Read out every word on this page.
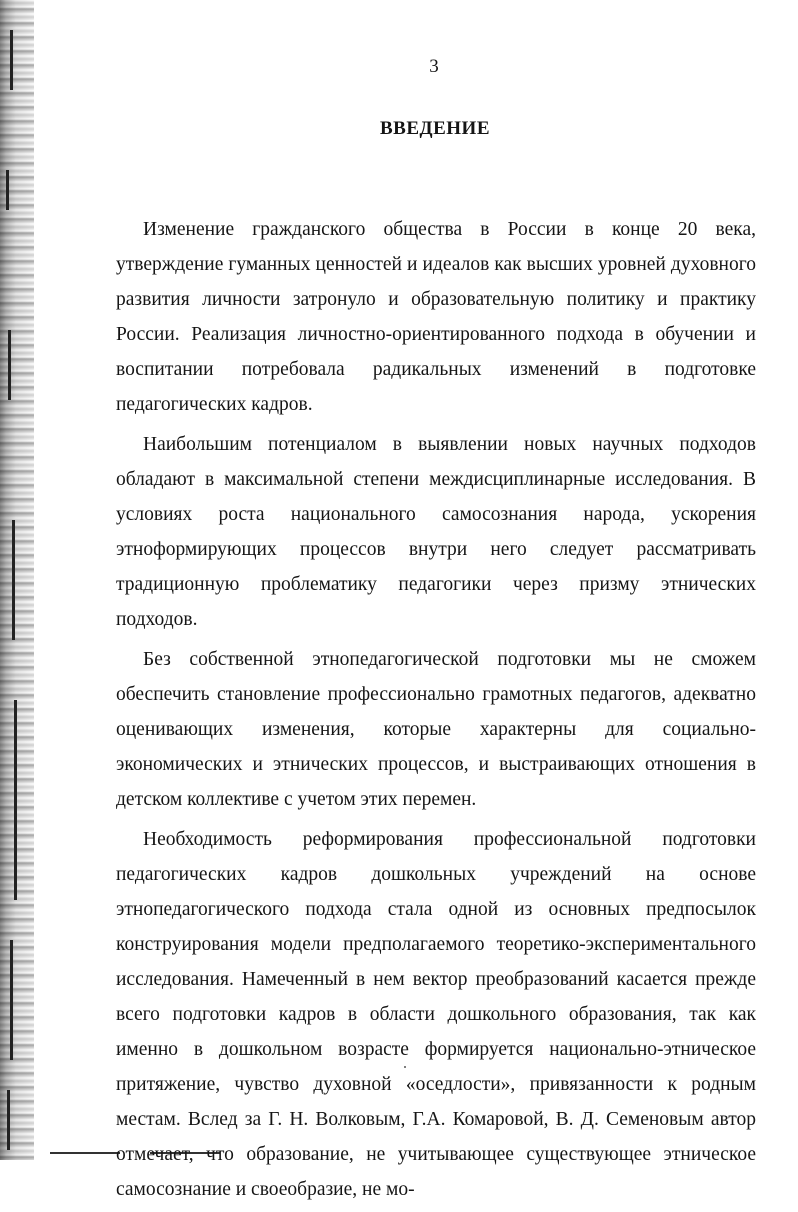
3
ВВЕДЕНИЕ

Изменение гражданского общества в России в конце 20 века, утверждение гуманных ценностей и идеалов как высших уровней духовного развития личности затронуло и образовательную политику и практику России. Реализация личностно-ориентированного подхода в обучении и воспитании потребовала радикальных изменений в подготовке педагогических кадров.

Наибольшим потенциалом в выявлении новых научных подходов обладают в максимальной степени междисциплинарные исследования. В условиях роста национального самосознания народа, ускорения этноформирующих процессов внутри него следует рассматривать традиционную проблематику педагогики через призму этнических подходов.

Без собственной этнопедагогической подготовки мы не сможем обеспечить становление профессионально грамотных педагогов, адекватно оценивающих изменения, которые характерны для социально-экономических и этнических процессов, и выстраивающих отношения в детском коллективе с учетом этих перемен.

Необходимость реформирования профессиональной подготовки педагогических кадров дошкольных учреждений на основе этнопедагогического подхода стала одной из основных предпосылок конструирования модели предполагаемого теоретико-экспериментального исследования. Намеченный в нем вектор преобразований касается прежде всего подготовки кадров в области дошкольного образования, так как именно в дошкольном возрасте формируется национально-этническое притяжение, чувство духовной «оседлости», привязанности к родным местам. Вслед за Г. Н. Волковым, Г.А. Комаровой, В. Д. Семеновым автор отмечает, что образование, не учитывающее существующее этническое самосознание и своеобразие, не мо-
